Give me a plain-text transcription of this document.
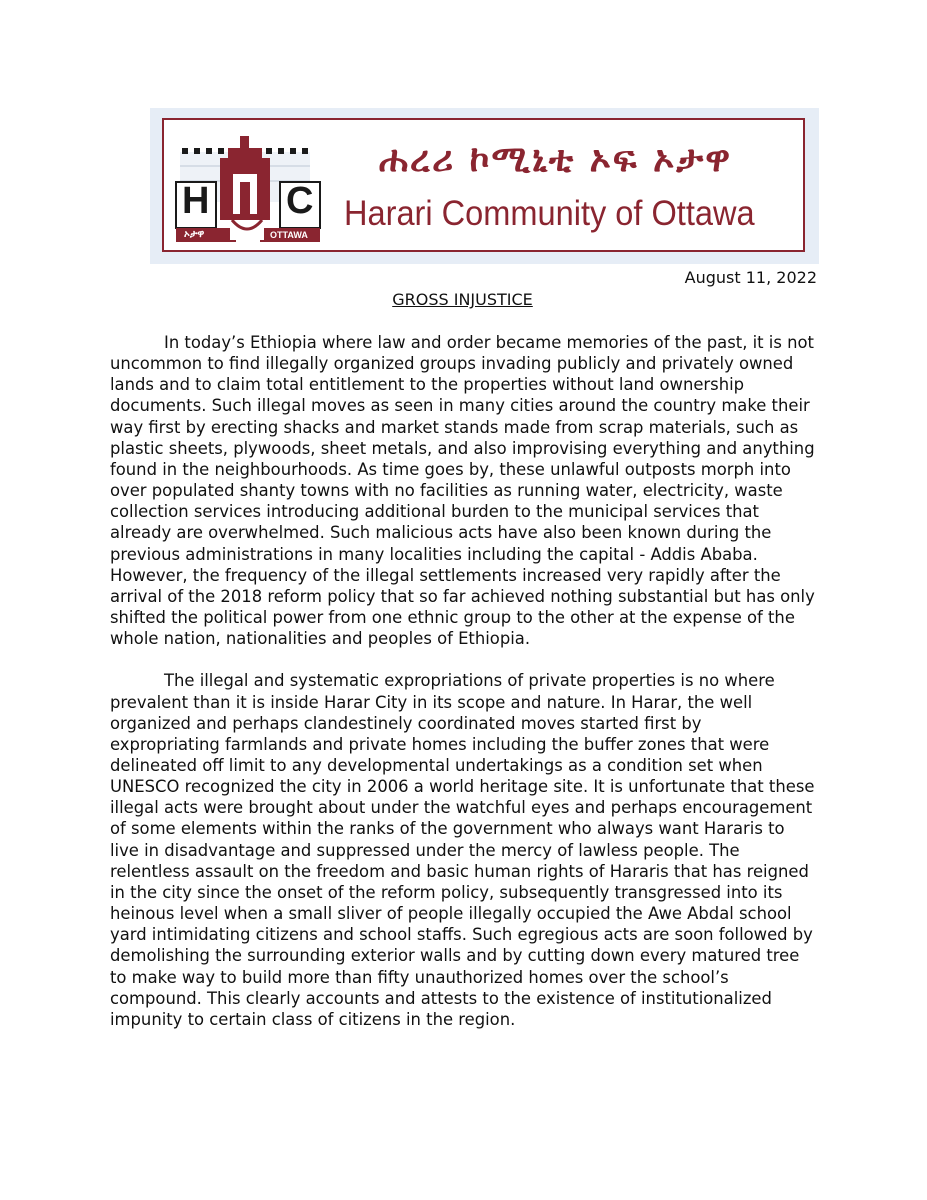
H C
ኦታዋ	OTTAWA
ሐረሪ ኮሚኒቲ ኦፍ ኦታዋ
Harari Community of Ottawa
August 11, 2022
GROSS INJUSTICE

In today’s Ethiopia where law and order became memories of the past, it is not uncommon to find illegally organized groups invading publicly and privately owned lands and to claim total entitlement to the properties without land ownership documents. Such illegal moves as seen in many cities around the country make their way first by erecting shacks and market stands made from scrap materials, such as plastic sheets, plywoods, sheet metals, and also improvising everything and anything found in the neighbourhoods. As time goes by, these unlawful outposts morph into over populated shanty towns with no facilities as running water, electricity, waste collection services introducing additional burden to the municipal services that already are overwhelmed. Such malicious acts have also been known during the previous administrations in many localities including the capital - Addis Ababa. However, the frequency of the illegal settlements increased very rapidly after the arrival of the 2018 reform policy that so far achieved nothing substantial but has only shifted the political power from one ethnic group to the other at the expense of the whole nation, nationalities and peoples of Ethiopia.

The illegal and systematic expropriations of private properties is no where prevalent than it is inside Harar City in its scope and nature. In Harar, the well organized and perhaps clandestinely coordinated moves started first by expropriating farmlands and private homes including the buffer zones that were delineated off limit to any developmental undertakings as a condition set when UNESCO recognized the city in 2006 a world heritage site. It is unfortunate that these illegal acts were brought about under the watchful eyes and perhaps encouragement of some elements within the ranks of the government who always want Hararis to live in disadvantage and suppressed under the mercy of lawless people. The relentless assault on the freedom and basic human rights of Hararis that has reigned in the city since the onset of the reform policy, subsequently transgressed into its heinous level when a small sliver of people illegally occupied the Awe Abdal school yard intimidating citizens and school staffs. Such egregious acts are soon followed by demolishing the surrounding exterior walls and by cutting down every matured tree to make way to build more than fifty unauthorized homes over the school’s compound. This clearly accounts and attests to the existence of institutionalized impunity to certain class of citizens in the region.
